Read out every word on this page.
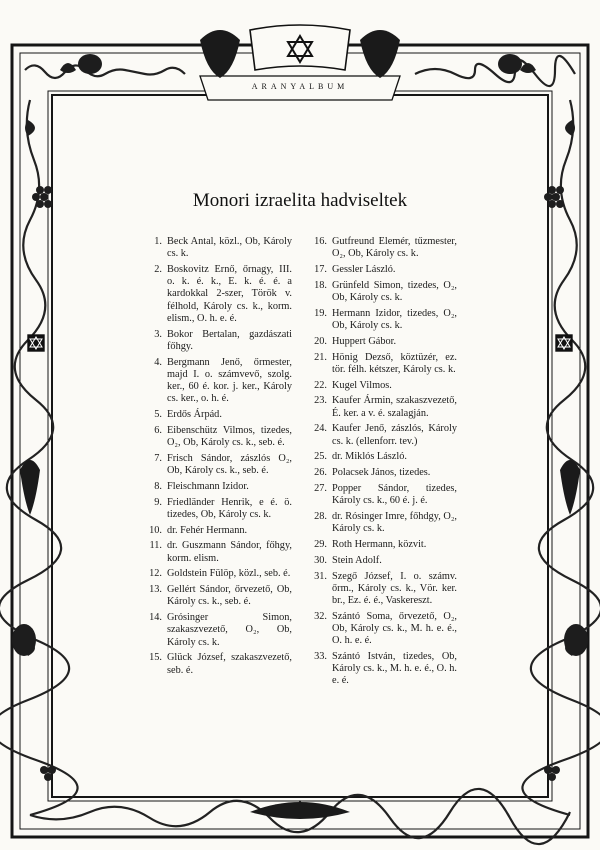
ARANYALBUM
Monori izraelita hadviseltek
1. Beck Antal, közl., Ob, Károly cs. k.
2. Boskovitz Ernő, őrnagy, III. o. k. é. k., E. k. é. é. a kardokkal 2-szer, Török v. félhold, Károly cs. k., korm. elism., O. h. e. é.
3. Bokor Bertalan, gazdászati főhgy.
4. Bergmann Jenő, őrmester, majd I. o. számvevő, szolg. ker., 60 é. kor. j. ker., Károly cs. ker., o. h. é.
5. Erdős Árpád.
6. Eibenschütz Vilmos, tizedes, O₂, Ob, Károly cs. k., seb. é.
7. Frisch Sándor, zászlós O₂, Ob, Károly cs. k., seb. é.
8. Fleischmann Izidor.
9. Friedländer Henrik, e é. ö. tizedes, Ob, Károly cs. k.
10. dr. Fehér Hermann.
11. dr. Guszmann Sándor, főhgy, korm. elism.
12. Goldstein Fülöp, közl., seb. é.
13. Gellért Sándor, őrvezető, Ob, Károly cs. k., seb. é.
14. Grósinger Simon, szakaszvezető, O₂, Ob, Károly cs. k.
15. Glück József, szakaszvezető, seb. é.
16. Gutfreund Elemér, tűzmester, O₂, Ob, Károly cs. k.
17. Gessler László.
18. Grünfeld Simon, tizedes, O₂, Ob, Károly cs. k.
19. Hermann Izidor, tizedes, O₂, Ob, Károly cs. k.
20. Huppert Gábor.
21. Hönig Dezső, köztüzér, ez. tör. félh. kétszer, Károly cs. k.
22. Kugel Vilmos.
23. Kaufer Ármin, szakaszvezető, É. ker. a v. é. szalagján.
24. Kaufer Jenő, zászlós, Károly cs. k. (ellenforr. tev.)
25. dr. Miklós László.
26. Polacsek János, tizedes.
27. Popper Sándor, tizedes, Károly cs. k., 60 é. j. é.
28. dr. Rósinger Imre, főhdgy, O₂, Károly cs. k.
29. Roth Hermann, közvit.
30. Stein Adolf.
31. Szegő József, I. o. számv. őrm., Károly cs. k., Vör. ker. br., Ez. é. é., Vaskereszt.
32. Szántó Soma, őrvezető, O₂, Ob, Károly cs. k., M. h. e. é., O. h. e. é.
33. Szántó István, tizedes, Ob, Károly cs. k., M. h. e. é., O. h. e. é.
